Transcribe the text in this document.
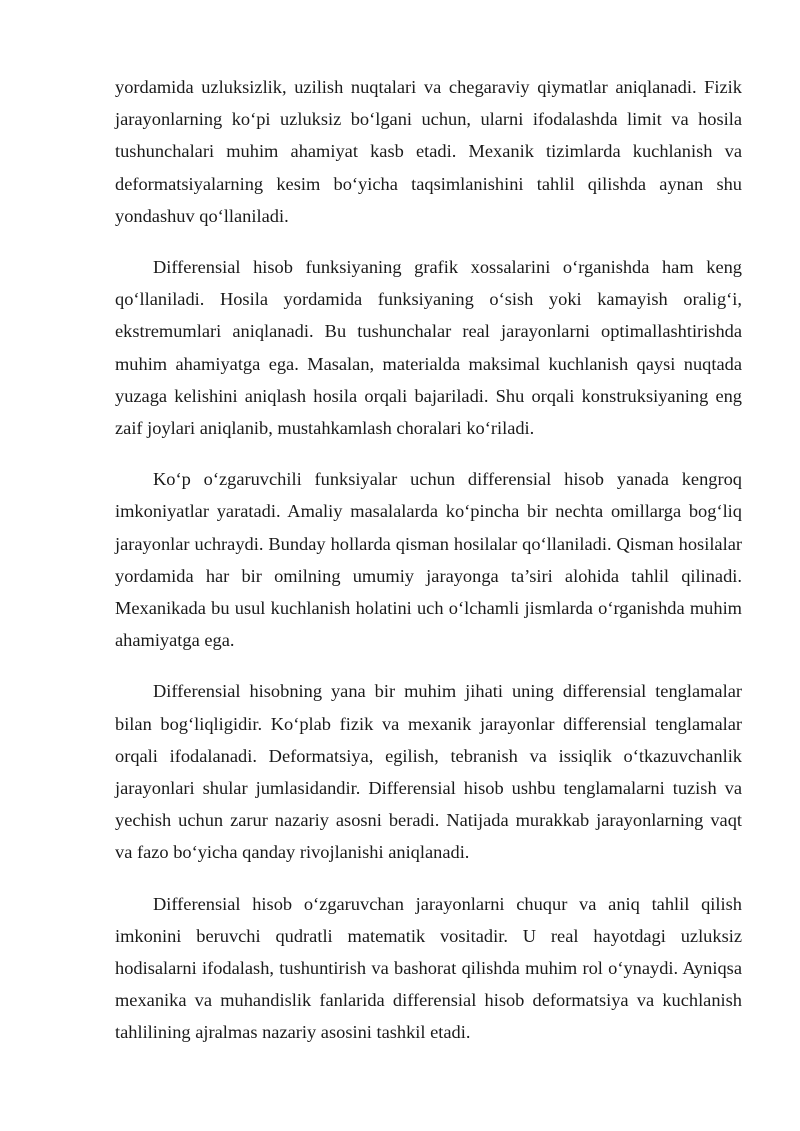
yordamida uzluksizlik, uzilish nuqtalari va chegaraviy qiymatlar aniqlanadi. Fizik jarayonlarning ko‘pi uzluksiz bo‘lgani uchun, ularni ifodalashda limit va hosila tushunchalari muhim ahamiyat kasb etadi. Mexanik tizimlarda kuchlanish va deformatsiyalarning kesim bo‘yicha taqsimlanishini tahlil qilishda aynan shu yondashuv qo‘llaniladi.

Differensial hisob funksiyaning grafik xossalarini o‘rganishda ham keng qo‘llaniladi. Hosila yordamida funksiyaning o‘sish yoki kamayish oralig‘i, ekstremumlari aniqlanadi. Bu tushunchalar real jarayonlarni optimallashtirishda muhim ahamiyatga ega. Masalan, materialda maksimal kuchlanish qaysi nuqtada yuzaga kelishini aniqlash hosila orqali bajariladi. Shu orqali konstruksiyaning eng zaif joylari aniqlanib, mustahkamlash choralari ko‘riladi.

Ko‘p o‘zgaruvchili funksiyalar uchun differensial hisob yanada kengroq imkoniyatlar yaratadi. Amaliy masalalarda ko‘pincha bir nechta omillarga bog‘liq jarayonlar uchraydi. Bunday hollarda qisman hosilalar qo‘llaniladi. Qisman hosilalar yordamida har bir omilning umumiy jarayonga ta’siri alohida tahlil qilinadi. Mexanikada bu usul kuchlanish holatini uch o‘lchamli jismlarda o‘rganishda muhim ahamiyatga ega.

Differensial hisobning yana bir muhim jihati uning differensial tenglamalar bilan bog‘liqligidir. Ko‘plab fizik va mexanik jarayonlar differensial tenglamalar orqali ifodalanadi. Deformatsiya, egilish, tebranish va issiqlik o‘tkazuvchanlik jarayonlari shular jumlasidandir. Differensial hisob ushbu tenglamalarni tuzish va yechish uchun zarur nazariy asosni beradi. Natijada murakkab jarayonlarning vaqt va fazo bo‘yicha qanday rivojlanishi aniqlanadi.

Differensial hisob o‘zgaruvchan jarayonlarni chuqur va aniq tahlil qilish imkonini beruvchi qudratli matematik vositadir. U real hayotdagi uzluksiz hodisalarni ifodalash, tushuntirish va bashorat qilishda muhim rol o‘ynaydi. Ayniqsa mexanika va muhandislik fanlarida differensial hisob deformatsiya va kuchlanish tahlilining ajralmas nazariy asosini tashkil etadi.
